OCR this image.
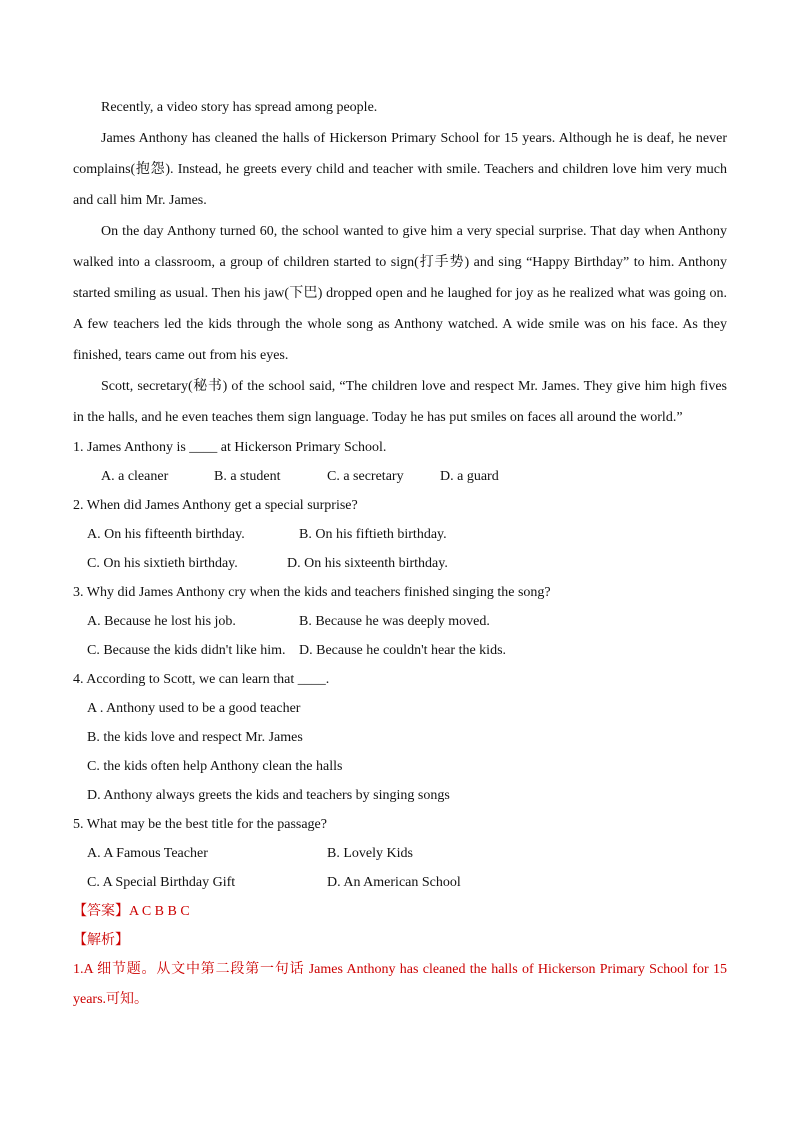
Recently, a video story has spread among people.

James Anthony has cleaned the halls of Hickerson Primary School for 15 years. Although he is deaf, he never complains(抱怨). Instead, he greets every child and teacher with smile. Teachers and children love him very much and call him Mr. James.

On the day Anthony turned 60, the school wanted to give him a very special surprise. That day when Anthony walked into a classroom, a group of children started to sign(打手势) and sing “Happy Birthday” to him. Anthony started smiling as usual. Then his jaw(下巴) dropped open and he laughed for joy as he realized what was going on. A few teachers led the kids through the whole song as Anthony watched. A wide smile was on his face. As they finished, tears came out from his eyes.

Scott, secretary(秘书) of the school said, “The children love and respect Mr. James. They give him high fives in the halls, and he even teaches them sign language. Today he has put smiles on faces all around the world.”

1. James Anthony is ____ at Hickerson Primary School.

A. a cleaner	B. a student	C. a secretary	D. a guard

2. When did James Anthony get a special surprise?

A. On his fifteenth birthday.	B. On his fiftieth birthday.
C. On his sixtieth birthday.	D. On his sixteenth birthday.

3. Why did James Anthony cry when the kids and teachers finished singing the song?

A. Because he lost his job.	B. Because he was deeply moved.
C. Because the kids didn't like him. D. Because he couldn't hear the kids.

4. According to Scott, we can learn that ____.

A . Anthony used to be a good teacher
B. the kids love and respect Mr. James
C. the kids often help Anthony clean the halls
D. Anthony always greets the kids and teachers by singing songs

5. What may be the best title for the passage?

A. A Famous Teacher	B. Lovely Kids
C. A Special Birthday Gift	D. An American School

【答案】A C B B C

【解析】

1.A 细节题。从文中第二段第一句话 James Anthony has cleaned the halls of Hickerson Primary School for 15 years.可知。
